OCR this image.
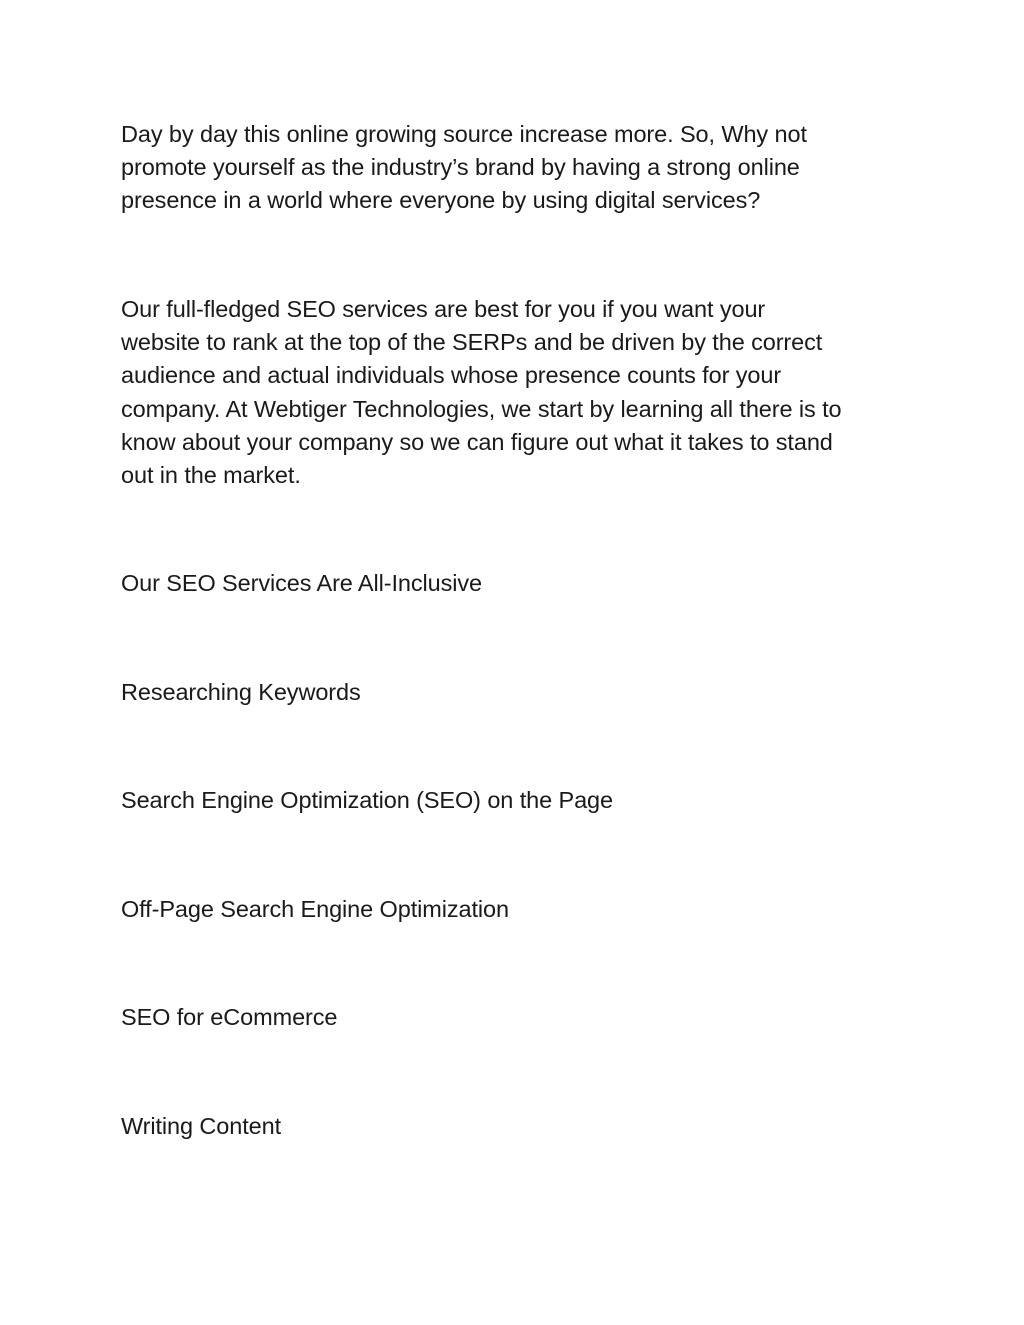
Day by day this online growing source increase more. So, Why not
promote yourself as the industry’s brand by having a strong online
presence in a world where everyone by using digital services?

Our full-fledged SEO services are best for you if you want your
website to rank at the top of the SERPs and be driven by the correct
audience and actual individuals whose presence counts for your
company. At Webtiger Technologies, we start by learning all there is to
know about your company so we can figure out what it takes to stand
out in the market.

Our SEO Services Are All-Inclusive

Researching Keywords

Search Engine Optimization (SEO) on the Page

Off-Page Search Engine Optimization

SEO for eCommerce

Writing Content
